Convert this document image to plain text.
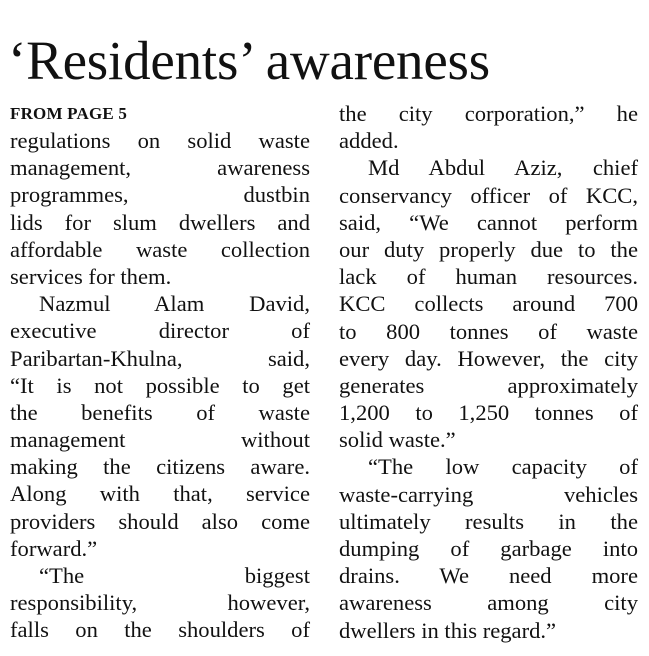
‘Residents’ awareness
FROM PAGE 5
regulations on solid waste
management, awareness
programmes, dustbin
lids for slum dwellers and
affordable waste collection
services for them.
Nazmul Alam David,
executive director of
Paribartan-Khulna, said,
“It is not possible to get
the benefits of waste
management without
making the citizens aware.
Along with that, service
providers should also come
forward.”
“The biggest
responsibility, however,
falls on the shoulders of
the city corporation,” he
added.
Md Abdul Aziz, chief
conservancy officer of KCC,
said, “We cannot perform
our duty properly due to the
lack of human resources.
KCC collects around 700
to 800 tonnes of waste
every day. However, the city
generates approximately
1,200 to 1,250 tonnes of
solid waste.”
“The low capacity of
waste-carrying vehicles
ultimately results in the
dumping of garbage into
drains. We need more
awareness among city
dwellers in this regard.”
